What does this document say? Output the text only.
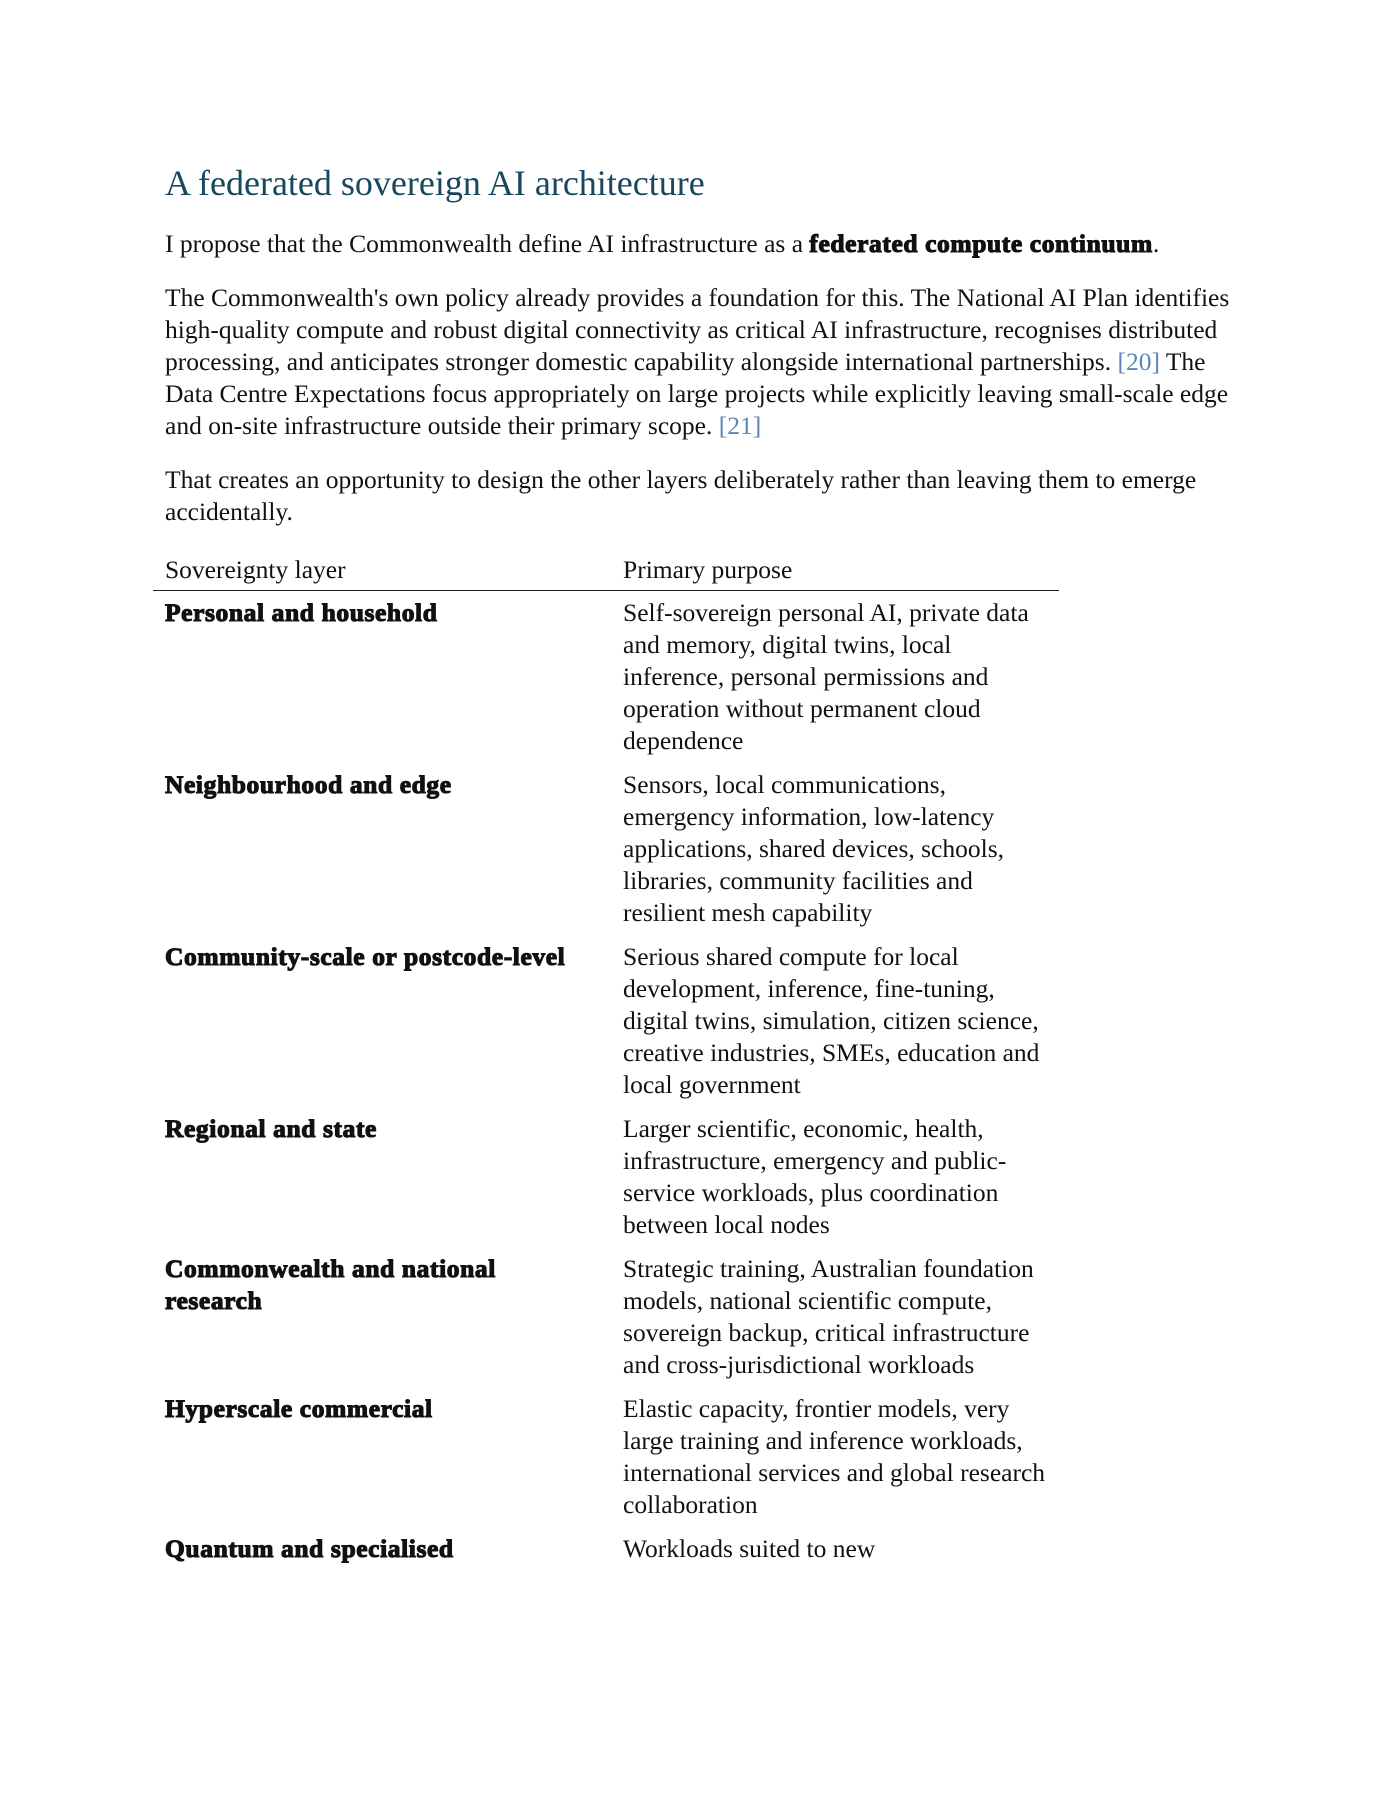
A federated sovereign AI architecture

I propose that the Commonwealth define AI infrastructure as a federated compute continuum.

The Commonwealth's own policy already provides a foundation for this. The National AI Plan identifies high-quality compute and robust digital connectivity as critical AI infrastructure, recognises distributed processing, and anticipates stronger domestic capability alongside international partnerships. [20] The Data Centre Expectations focus appropriately on large projects while explicitly leaving small-scale edge and on-site infrastructure outside their primary scope. [21]

That creates an opportunity to design the other layers deliberately rather than leaving them to emerge accidentally.

Sovereignty layer	Primary purpose
Personal and household	Self-sovereign personal AI, private data and memory, digital twins, local inference, personal permissions and operation without permanent cloud dependence
Neighbourhood and edge	Sensors, local communications, emergency information, low-latency applications, shared devices, schools, libraries, community facilities and resilient mesh capability
Community-scale or postcode-level	Serious shared compute for local development, inference, fine-tuning, digital twins, simulation, citizen science, creative industries, SMEs, education and local government
Regional and state	Larger scientific, economic, health, infrastructure, emergency and public-service workloads, plus coordination between local nodes
Commonwealth and national research	Strategic training, Australian foundation models, national scientific compute, sovereign backup, critical infrastructure and cross-jurisdictional workloads
Hyperscale commercial	Elastic capacity, frontier models, very large training and inference workloads, international services and global research collaboration
Quantum and specialised	Workloads suited to new
